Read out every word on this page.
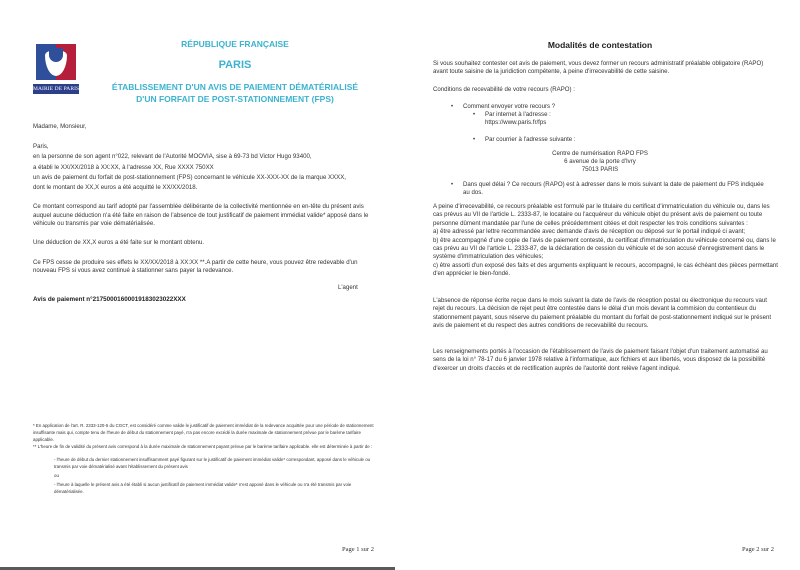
MAIRIE DE PARIS
RÉPUBLIQUE FRANÇAISE
PARIS
ÉTABLISSEMENT D'UN AVIS DE PAIEMENT DÉMATÉRIALISÉ
D'UN FORFAIT DE POST-STATIONNEMENT (FPS)

Madame, Monsieur,

Paris,

en la personne de son agent n°022, relevant de l'Autorité MOOVIA, sise à 69-73 bd Victor Hugo 93400,

a établi le XX/XX/2018 à XX:XX, à l'adresse XX, Rue XXXX 750XX

un avis de paiement du forfait de post-stationnement (FPS) concernant le véhicule XX-XXX-XX de la marque XXXX,

dont le montant de XX,X euros a été acquitté le XX/XX/2018.

Ce montant correspond au tarif adopté par l'assemblée délibérante de la collectivité mentionnée en en-tête du présent avis auquel aucune déduction n'a été faite en raison de l'absence de tout justificatif de paiement immédiat valide* apposé dans le véhicule ou transmis par voie dématérialisée.

Une déduction de XX,X euros a été faite sur le montant obtenu.

Ce FPS cesse de produire ses effets le XX/XX/2018 à XX:XX **.A partir de cette heure, vous pouvez être redevable d'un nouveau FPS si vous avez continué à stationner sans payer la redevance.

L'agent
Avis de paiement n°21750001600019183023022XXX

* En application de l'art. R. 2333-120-5 du CGCT, est considéré comme valide le justificatif de paiement immédiat de la redevance acquittée pour une période de stationnement insuffisante mais qui, compte tenu de l'heure de début du stationnement payé, n'a pas encore excédé la durée maximale de stationnement prévue par le barème tarifaire applicable.

** L'heure de fin de validité du présent avis correspond à la durée maximale de stationnement payant prévue par le barème tarifaire applicable. elle est déterminée à partir de :

- l'heure de début du dernier stationnement insuffisamment payé figurant sur le justificatif de paiement immédiat valide* correspondant, apposé dans le véhicule ou transmis par voie dématérialisé avant l'établissement du présent avis

ou

- l'heure à laquelle le présent avis a été établi si aucun justificatif de paiement immédiat valide* n'est apposé dans le véhicule ou n'a été transmis par voie dématérialisée.

Page 1 sur 2
Modalités de contestation
Si vous souhaitez contester cet avis de paiement, vous devez former un recours administratif préalable obligatoire (RAPO) avant toute saisine de la juridiction compétente, à peine d'irrecevabilité de cette saisine.
Conditions de recevabilité de votre recours (RAPO) :
• Comment envoyer votre recours ?
• Par internet à l'adresse :
https://www.paris.fr/fps
• Par courrier à l'adresse suivante :
Centre de numérisation RAPO FPS
6 avenue de la porte d'Ivry
75013 PARIS
• Dans quel délai ? Ce recours (RAPO) est à adresser dans le mois suivant la date de paiement du FPS indiquée au dos.

A peine d'irrecevabilité, ce recours préalable est formulé par le titulaire du certificat d'immatriculation du véhicule ou, dans les cas prévus au VII de l'article L. 2333-87, le locataire ou l'acquéreur du véhicule objet du présent avis de paiement ou toute personne dûment mandatée par l'une de celles précédemment citées et doit respecter les trois conditions suivantes :

a) être adressé par lettre recommandée avec demande d'avis de réception ou déposé sur le portail indiqué ci avant;

b) être accompagné d'une copie de l'avis de paiement contesté, du certificat d'immatriculation du véhicule concerné ou, dans le cas prévu au VII de l'article L. 2333-87, de la déclaration de cession du véhicule et de son accusé d'enregistrement dans le système d'immatriculation des véhicules;

c) être assorti d'un exposé des faits et des arguments expliquant le recours, accompagné, le cas échéant des pièces permettant d'en apprécier le bien-fondé.

L'absence de réponse écrite reçue dans le mois suivant la date de l'avis de réception postal ou électronique du recours vaut rejet du recours. La décision de rejet peut être contestée dans le délai d'un mois devant la commision du contentieux du stationnement payant, sous réserve du paiement préalable du montant du forfait de post-stationnement indiqué sur le présent avis de paiement et du respect des autres conditions de recevabilité du recours.
Les renseignements portés à l'occasion de l'établissement de l'avis de paiement faisant l'objet d'un traitement automatisé au sens de la loi n° 78-17 du 6 janvier 1978 relative à l'informatique, aux fichiers et aux libertés, vous disposez de la possibilité d'exercer un droits d'accès et de rectification auprès de l'autorité dont relève l'agent indiqué.
Page 2 sur 2
